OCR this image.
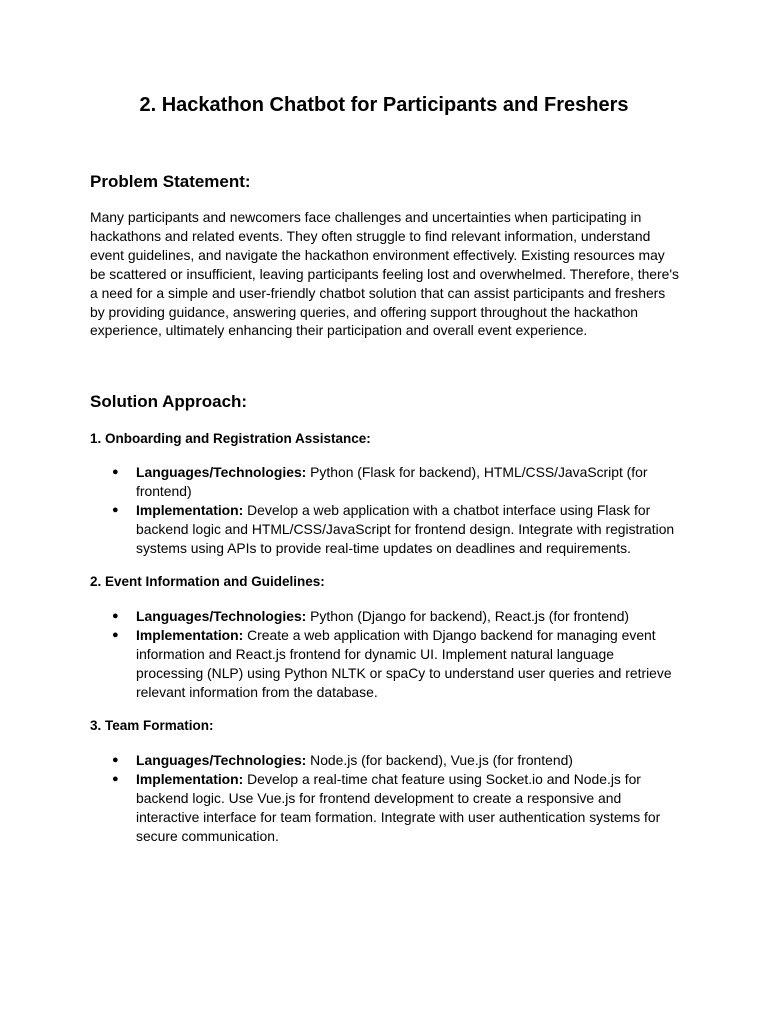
2. Hackathon Chatbot for Participants and Freshers
Problem Statement:

Many participants and newcomers face challenges and uncertainties when participating in hackathons and related events. They often struggle to find relevant information, understand event guidelines, and navigate the hackathon environment effectively. Existing resources may be scattered or insufficient, leaving participants feeling lost and overwhelmed. Therefore, there's a need for a simple and user-friendly chatbot solution that can assist participants and freshers by providing guidance, answering queries, and offering support throughout the hackathon experience, ultimately enhancing their participation and overall event experience.

Solution Approach:
1. Onboarding and Registration Assistance:
● Languages/Technologies: Python (Flask for backend), HTML/CSS/JavaScript (for frontend)
● Implementation: Develop a web application with a chatbot interface using Flask for backend logic and HTML/CSS/JavaScript for frontend design. Integrate with registration systems using APIs to provide real-time updates on deadlines and requirements.
2. Event Information and Guidelines:
● Languages/Technologies: Python (Django for backend), React.js (for frontend)
● Implementation: Create a web application with Django backend for managing event information and React.js frontend for dynamic UI. Implement natural language processing (NLP) using Python NLTK or spaCy to understand user queries and retrieve relevant information from the database.
3. Team Formation:
● Languages/Technologies: Node.js (for backend), Vue.js (for frontend)
● Implementation: Develop a real-time chat feature using Socket.io and Node.js for backend logic. Use Vue.js for frontend development to create a responsive and interactive interface for team formation. Integrate with user authentication systems for secure communication.
